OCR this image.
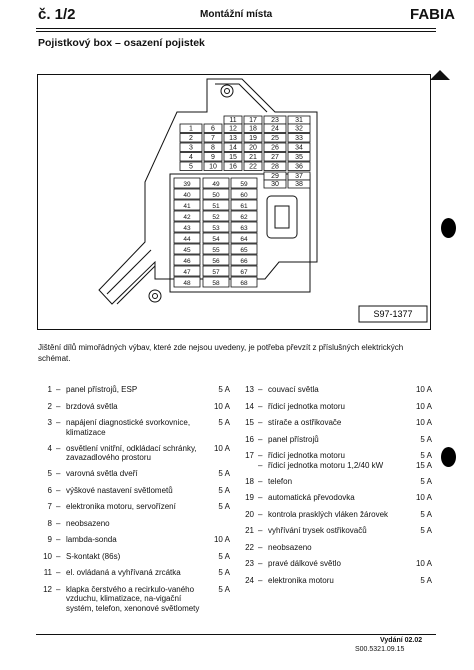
č. 1/2	Montážní místa	FABIA
Pojistkový box – osazení pojistek
11 17 23 31
1	6 12 18 24 32
2	7 13 19 25 33
3	8 14 20 26 34
4	9 15 21 27 35
5 10 16 22 28 36
29 37
30 38
39	49	59
40	50	60
41	51	61
42	52	62
43	53	63
44	54	64
45	55	65
46	56	66
47	57	67
48	58	68
S97-1377
Jištění dílů mimořádných výbav, které zde nejsou uvedeny, je potřeba převzít z příslušných elektrických schémat.
1 – panel přístrojů, ESP	5 A
2 – brzdová světla	10 A
3 – napájení diagnostické svorkovnice, klimatizace
5 A
4 – osvětlení vnitřní, odkládací schránky, zavazadlového prostoru
10 A
5 – varovná světla dveří	5 A
6 – výškové nastavení světlometů	5 A
7 – elektronika motoru, servořízení	5 A
8 – neobsazeno
9 – lambda-sonda	10 A
10 – S-kontakt (86s)	5 A
11 – el. ovládaná a vyhřívaná zrcátka	5 A
12 – klapka čerstvého a recirkulo-vaného vzduchu, klimatizace, na-vigační systém, telefon, xenonové světlomety
5 A
13 – couvací světla	10 A
14 – řídicí jednotka motoru	10 A
15 – stírače a ostřikovače	10 A
16 – panel přístrojů	5 A
17 – řídicí jednotka motoru	5 A
– řídicí jednotka motoru 1,2/40 kW	15 A
18 – telefon	5 A
19 – automatická převodovka	10 A
20 – kontrola prasklých vláken žárovek	5 A
21 – vyhřívání trysek ostřikovačů	5 A
22 – neobsazeno
23 – pravé dálkové světlo	10 A
24 – elektronika motoru	5 A
Vydání 02.02
S00.5321.09.15
